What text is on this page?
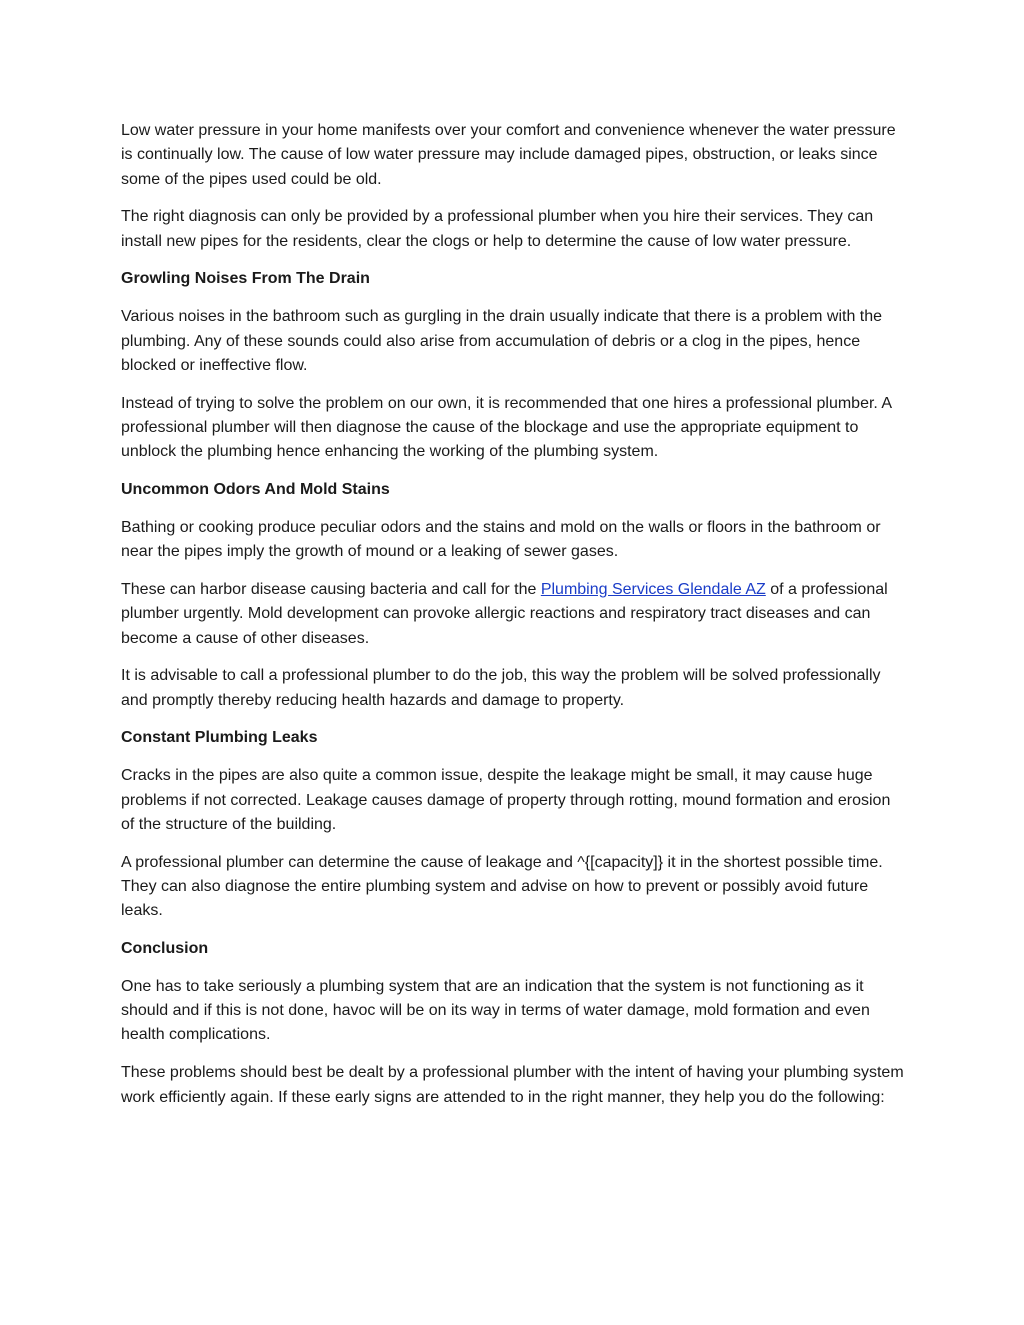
Low water pressure in your home manifests over your comfort and convenience whenever the water pressure is continually low. The cause of low water pressure may include damaged pipes, obstruction, or leaks since some of the pipes used could be old.

The right diagnosis can only be provided by a professional plumber when you hire their services. They can install new pipes for the residents, clear the clogs or help to determine the cause of low water pressure.

Growling Noises From The Drain

Various noises in the bathroom such as gurgling in the drain usually indicate that there is a problem with the plumbing. Any of these sounds could also arise from accumulation of debris or a clog in the pipes, hence blocked or ineffective flow.

Instead of trying to solve the problem on our own, it is recommended that one hires a professional plumber. A professional plumber will then diagnose the cause of the blockage and use the appropriate equipment to unblock the plumbing hence enhancing the working of the plumbing system.

Uncommon Odors And Mold Stains

Bathing or cooking produce peculiar odors and the stains and mold on the walls or floors in the bathroom or near the pipes imply the growth of mound or a leaking of sewer gases.

These can harbor disease causing bacteria and call for the Plumbing Services Glendale AZ of a professional plumber urgently. Mold development can provoke allergic reactions and respiratory tract diseases and can become a cause of other diseases.

It is advisable to call a professional plumber to do the job, this way the problem will be solved professionally and promptly thereby reducing health hazards and damage to property.

Constant Plumbing Leaks

Cracks in the pipes are also quite a common issue, despite the leakage might be small, it may cause huge problems if not corrected. Leakage causes damage of property through rotting, mound formation and erosion of the structure of the building.

A professional plumber can determine the cause of leakage and ^{[capacity]} it in the shortest possible time. They can also diagnose the entire plumbing system and advise on how to prevent or possibly avoid future leaks.

Conclusion

One has to take seriously a plumbing system that are an indication that the system is not functioning as it should and if this is not done, havoc will be on its way in terms of water damage, mold formation and even health complications.

These problems should best be dealt by a professional plumber with the intent of having your plumbing system work efficiently again. If these early signs are attended to in the right manner, they help you do the following:
